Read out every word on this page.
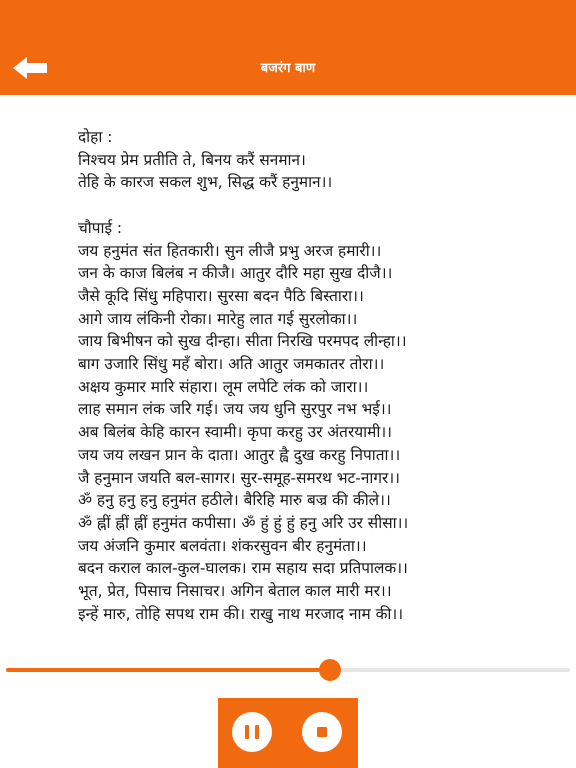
बजरंग बाण
दोहा :
निश्चय प्रेम प्रतीति ते, बिनय करैं सनमान।
तेहि के कारज सकल शुभ, सिद्ध करैं हनुमान।।
चौपाई :
जय हनुमंत संत हितकारी। सुन लीजै प्रभु अरज हमारी।।
जन के काज बिलंब न कीजै। आतुर दौरि महा सुख दीजै।।
जैसे कूदि सिंधु महिपारा। सुरसा बदन पैठि बिस्तारा।।
आगे जाय लंकिनी रोका। मारेहु लात गई सुरलोका।।
जाय बिभीषन को सुख दीन्हा। सीता निरखि परमपद लीन्हा।।
बाग उजारि सिंधु महँ बोरा। अति आतुर जमकातर तोरा।।
अक्षय कुमार मारि संहारा। लूम लपेटि लंक को जारा।।
लाह समान लंक जरि गई। जय जय धुनि सुरपुर नभ भई।।
अब बिलंब केहि कारन स्वामी। कृपा करहु उर अंतरयामी।।
जय जय लखन प्रान के दाता। आतुर ह्वै दुख करहु निपाता।।
जै हनुमान जयति बल-सागर। सुर-समूह-समरथ भट-नागर।।
ॐ हनु हनु हनु हनुमंत हठीले। बैरिहि मारु बज्र की कीले।।
ॐ ह्नीं ह्नीं ह्नीं हनुमंत कपीसा। ॐ हुं हुं हुं हनु अरि उर सीसा।।
जय अंजनि कुमार बलवंता। शंकरसुवन बीर हनुमंता।।
बदन कराल काल-कुल-घालक। राम सहाय सदा प्रतिपालक।।
भूत, प्रेत, पिसाच निसाचर। अगिन बेताल काल मारी मर।।
इन्हें मारु, तोहि सपथ राम की। राखु नाथ मरजाद नाम की।।
